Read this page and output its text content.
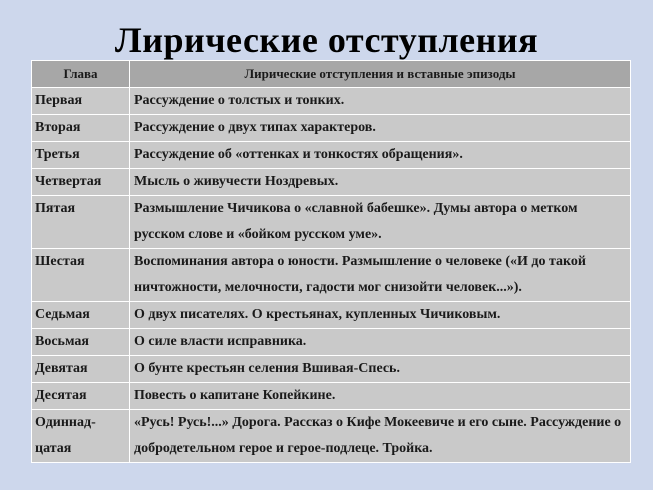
Лирические отступления
Глава	Лирические отступления и вставные эпизоды
Первая	Рассуждение о толстых и тонких.
Вторая	Рассуждение о двух типах характеров.
Третья	Рассуждение об «оттенках и тонкостях обращения».
Четвертая	Мысль о живучести Ноздревых.
Пятая	Размышление Чичикова о «славной бабешке». Думы автора о метком русском слове и «бойком русском уме».
Шестая	Воспоминания автора о юности. Размышление о человеке («И до такой ничтожности, мелочности, гадости мог снизойти человек...»).
Седьмая	О двух писателях. О крестьянах, купленных Чичиковым.
Восьмая	О силе власти исправника.
Девятая	О бунте крестьян селения Вшивая-Спесь.
Десятая	Повесть о капитане Копейкине.
Одиннад-цатая	«Русь! Русь!...» Дорога. Рассказ о Кифе Мокеевиче и его сыне. Рассуждение о добродетельном герое и герое-подлеце. Тройка.
